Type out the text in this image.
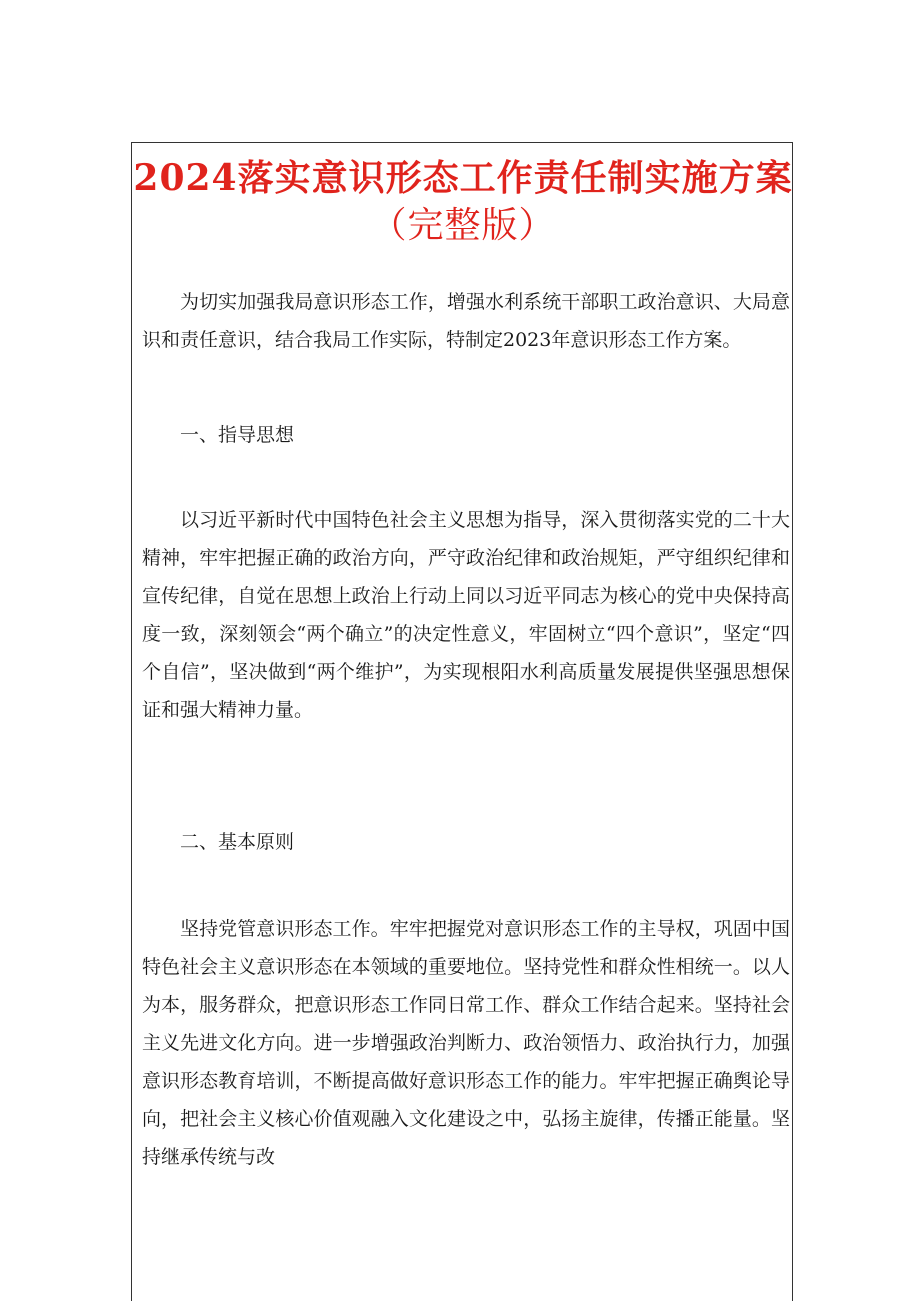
2024落实意识形态工作责任制实施方案
（完整版）

为切实加强我局意识形态工作，增强水利系统干部职工政治意识、大局意识和责任意识，结合我局工作实际，特制定2023年意识形态工作方案。

一、指导思想

以习近平新时代中国特色社会主义思想为指导，深入贯彻落实党的二十大精神，牢牢把握正确的政治方向，严守政治纪律和政治规矩，严守组织纪律和宣传纪律，自觉在思想上政治上行动上同以习近平同志为核心的党中央保持高度一致，深刻领会“两个确立”的决定性意义，牢固树立“四个意识”，坚定“四个自信”，坚决做到“两个维护”，为实现根阳水利高质量发展提供坚强思想保证和强大精神力量。

二、基本原则

坚持党管意识形态工作。牢牢把握党对意识形态工作的主导权，巩固中国特色社会主义意识形态在本领域的重要地位。坚持党性和群众性相统一。以人为本，服务群众，把意识形态工作同日常工作、群众工作结合起来。坚持社会主义先进文化方向。进一步增强政治判断力、政治领悟力、政治执行力，加强意识形态教育培训，不断提高做好意识形态工作的能力。牢牢把握正确舆论导向，把社会主义核心价值观融入文化建设之中，弘扬主旋律，传播正能量。坚持继承传统与改
